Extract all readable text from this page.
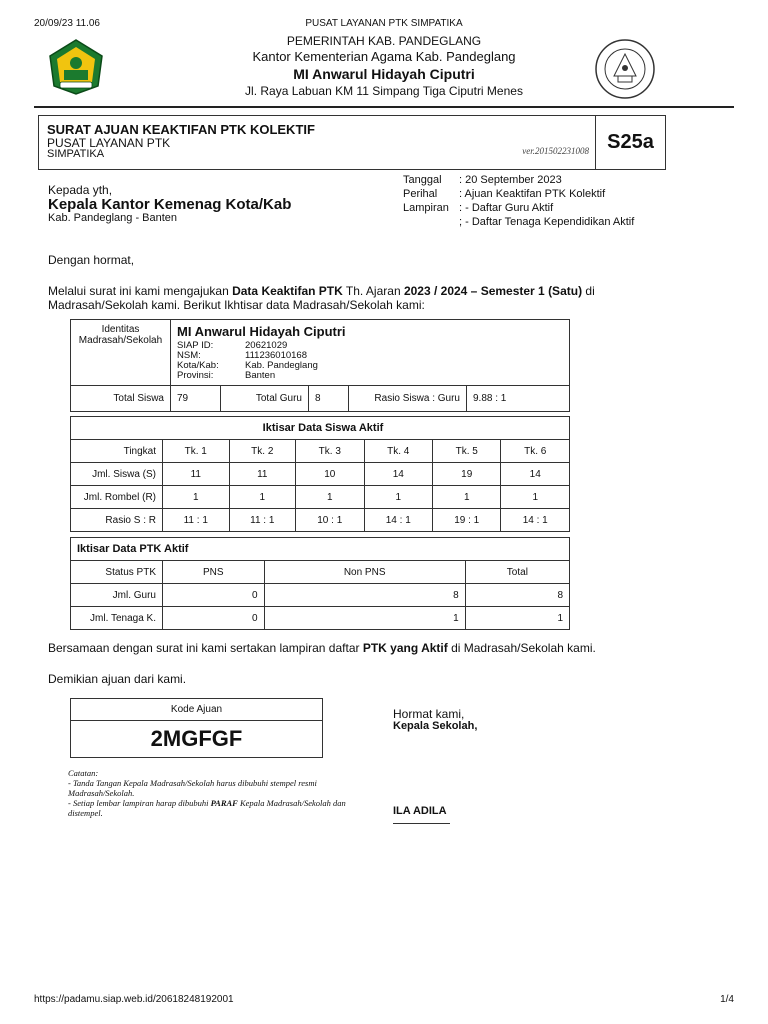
20/09/23 11.06	PUSAT LAYANAN PTK SIMPATIKA
PEMERINTAH KAB. PANDEGLANG
Kantor Kementerian Agama Kab. Pandeglang
MI Anwarul Hidayah Ciputri
Jl. Raya Labuan KM 11 Simpang Tiga Ciputri Menes
SURAT AJUAN KEAKTIFAN PTK KOLEKTIF
PUSAT LAYANAN PTK
SIMPATIKA	ver.201502231008 S25a
Kepada yth,
Kepala Kantor Kemenag Kota/Kab
Kab. Pandeglang - Banten
Tanggal	: 20 September 2023
Perihal	: Ajuan Keaktifan PTK Kolektif
Lampiran : - Daftar Guru Aktif
; - Daftar Tenaga Kependidikan Aktif
Dengan hormat,
Melalui surat ini kami mengajukan Data Keaktifan PTK Th. Ajaran 2023 / 2024 – Semester 1 (Satu) di Madrasah/Sekolah kami. Berikut Ikhtisar data Madrasah/Sekolah kami:
Identitas Madrasah/Sekolah	
MI Anwarul Hidayah Ciputri
SIAP ID:	20621029
NSM:	111236010168
Kota/Kab:	Kab. Pandeglang
Provinsi:	Banten
Total Siswa	79	Total Guru	8	Rasio Siswa : Guru	9.88 : 1
Iktisar Data Siswa Aktif						
Tingkat	Tk. 1	Tk. 2	Tk. 3	Tk. 4	Tk. 5	Tk. 6
Jml. Siswa (S)	11	11	10	14	19	14
Jml. Rombel (R)	1	1	1	1	1	1
Rasio S : R	11 : 1	11 : 1	10 : 1	14 : 1	19 : 1	14 : 1
Iktisar Data PTK Aktif			
Status PTK	PNS	Non PNS	Total
Jml. Guru	0	8	8
Jml. Tenaga K.	0	1	1
Bersamaan dengan surat ini kami sertakan lampiran daftar PTK yang Aktif di Madrasah/Sekolah kami.
Demikian ajuan dari kami.
Kode Ajuan
2MGFGF
Hormat kami,
Kepala Sekolah,
ILA ADILA
Catatan:
- Tanda Tangan Kepala Madrasah/Sekolah harus dibubuhi stempel resmi Madrasah/Sekolah.
- Setiap lembar lampiran harap dibubuhi PARAF Kepala Madrasah/Sekolah dan distempel.
https://padamu.siap.web.id/20618248192001	1/4
